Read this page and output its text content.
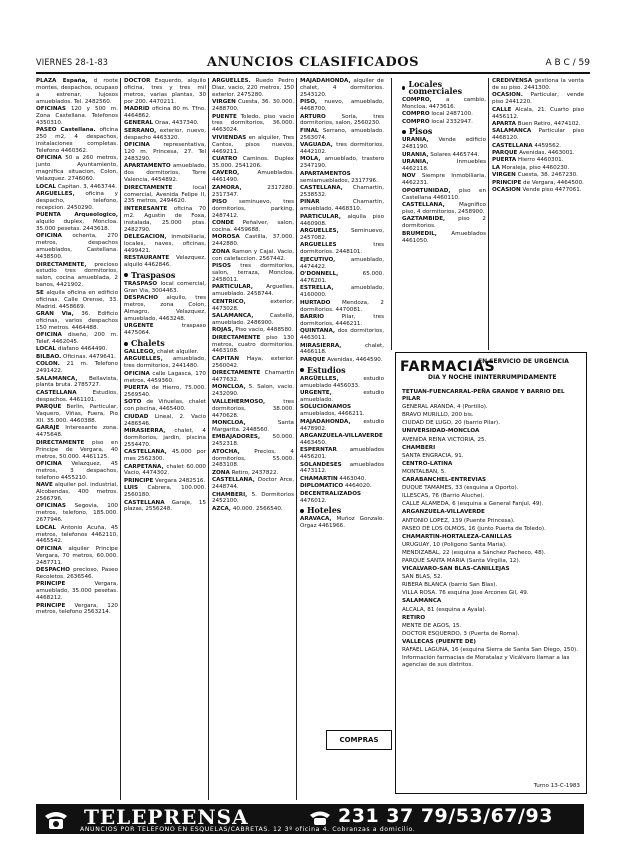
VIERNES 28-1-83	ANUNCIOS CLASIFICADOS	A B C / 59
PLAZA España, d roote montes, despachos, ocupaso a estrenar, lujosos amueblados. Tel. 2482560.
OFICINAS 120 y 500 m. Zona Castellana. Telefonos 4350310.
PASEO Castellana. oficina 250 m2, 4 despachos, instalaciones completas. Telefono 4460362.
OFICINA 50 a 260 metros, junto Ayuntamiento, magnifica situacion, Colon, Velazquez. 2746060.
LOCAL Capitan. 3, 4463744.
ARGUELLES, oficina y despacho, telefono, recepcion. 2450290.
PUENTA Arqueologico, alquilo duplex, Moncloa. 35.000 pesetas. 2443618.
OFICINA ochenta, 270 metros, despachos amueblados, Castellana. 4438500.
DIRECTAMENTE, precioso estudio tres dormitorios, salon, cocina amueblada, 2 banos, 4421902.
SE alquila oficina en edificio oficinas. Calle Orense, 33. Madrid. 4458669.
GRAN Via, 36. Edificio oficinas, varios despachos 150 metros. 4464488.
OFICINA diseño, 200 m. Telef. 4462045.
LOCAL diafano 4464490.
BILBAO. Oficinas. 4479641.
COLON. 21 m. Telefono 2491422.
SALAMANCA, Bellavista, planta bruta. 2785727.
CASTELLANA Estudios, despachos. 4461101.
PARQUE Berlín, Particular, Vaquero, Viñas, Fuera, Pio XII. 35.000. 4460388.
GARAJE Interesante zona. 4475648.
DIRECTAMENTE piso en Principe de Vergara, 40 metros, 50.000. 4461125.
OFICINA Velazquez, 45 metros, 3 despachos, telefono 4455210.
NAVE alquiler pol. industrial, Alcobendas, 400 metros. 2566796.
OFICINAS Segovia, 100 metros, telefono, 185.000. 2677946.
LOCAL Antonio Acuña, 45 metros, telefonos 4462110, 4465542.
OFICINA alquiler Principe Vergara, 70 metros, 60.000. 2487711.
DESPACHO precioso, Paseo Recoletos. 2636546.
PRINCIPE Vergara, amueblado, 35.000 pesetas. 4468212.
PRINCIPE Vergara, 120 metros, telefono 2563214.
DOCTOR Esquerdo, alquilo oficina, tres y tres mil metros, varias plantas, 30 por 200. 4470211.
MADRID oficina 80 m. Tfno. 4464862.
GENERAL Oraa, 4437340.
SERRANO, exterior, nuevo, despacho 4463320.
OFICINA representativa, 120 m. Princesa, 27. Tel 2483290.
APARTAMENTO amueblado, dos dormitorios, Torre Valencia, 4454892.
DIRECTAMENTE local comercial, Avenida Felipe II, 235 metros, 2494620.
INTERESANTE oficina 70 m2. Agustin de Foxa, instalada, 25.000 ptas. 2482790.
DELEGACION, inmobiliaria, locales, naves, oficinas, 4499421.
RESTAURANTE Velazquez, alquilo 4462846.
Traspasos
TRASPASO local comercial, Gran Via, 3004463.
DESPACHO alquilo, tres metros, zona Colon, Almagro, Velazquez, amueblado, 4463248.
URGENTE traspaso 4475064.
Chalets
GALLEGO, chalet alquiler.
ARGUELLES, amueblado, tres dormitorios, 2441480.
OFICINA calle Lagasca, 170 metros, 4459360.
PUERTA de Hierro, 75.000. 2569540.
SOTO de Viñuelas, chalet con piscina, 4465400.
CIUDAD Lineal, 2. Vacio 2486546.
MIRASIERRA, chalet, 4 dormitorios, jardin, piscina 2554470.
CASTELLANA, 45.000 por mes 2562300.
CARPETANA, chalet 60.000 Vacio, 4474302.
PRINCIPE Vergara 2482516.
LUIS Cabrera, 100.000. 2560180.
CASTELLANA Garaje, 15 plazas, 2556248.
ARGUELLES. Ruedo Pedro Diaz, vacio, 220 metros, 150 exterior. 2475280.
VIRGEN Cuesta, 36. 30.000. 2488700.
PUENTE Toledo, piso vacio tres dormitorios, 36.000. 4463024.
VIVIENDAS en alquiler, Tres Cantos, pisos nuevos, 4469211.
CUATRO Caminos. Duplex 35.000. 2541206.
CAVERO, Amueblados. 4461490.
ZAMORA, 2317280. 2317347.
PISO seminuevo, tres dormitorios, parking, 2487412.
CONDE Peñalver, salon, cocina. 4459688.
MOROSA Castilla, 37.000. 2442880.
ZONA Ramon y Cajal. Vacio, con calefaccion. 2567442.
PISOS tres dormitorios, salon, terraza, Moncloa, 2458011.
PARTICULAR, Arguelles, amueblado. 2458744.
CENTRICO, exterior, 4473028.
SALAMANCA, Castelló, amueblado. 2486900.
ROJAS, Piso vacio, 4488580.
DIRECTAMENTE piso 130 metros, cuatro dormitorios. 4463108.
CAPITAN Haya, exterior. 2560042.
DIRECTAMENTE Chamartin 4477632.
MONCLOA, 5. Salon, vacio. 2432090.
VALLEHERMOSO, tres dormitorios, 38.000. 4470628.
MONCLOA, Santa Margarita. 2448560.
EMBAJADORES, 50.000. 2452318.
ATOCHA, Precios, 4 dormitorios, 55.000. 2483108.
ZONA Retiro, 2437822.
CASTELLANA, Doctor Arce, 2448744.
CHAMBERI, 5. Dormitorios 2452100.
AZCA, 40.000. 2566540.
MAJADAHONDA, alquiler de chalet, 4 dormitorios. 2543120.
PISO, nuevo, amueblado, 4468700.
ARTURO Soria, tres dormitorios, salon, 2560230.
FINAL Serrano, amueblado. 2563074.
VAGUADA, tres dormitorios, 4442102.
MOLA, amueblado, trastero 2347190.
APARTAMENTOS semiamueblados, 2317796.
CASTELLANA, Chamartin, 2538532.
PINAR Chamartin, amueblado, 4468310.
PARTICULAR, alquila piso 4460908.
ARGUELLES, Seminuevo, 2457082.
ARGUELLES tres dormitorios. 2448101.
EJECUTIVO, amueblado, 4474422.
O'DONNELL, 65.000. 4476201.
ESTRELLA, amueblado, 4160000.
HURTADO Mendoza, 2 dormitorios. 4470081.
BARRIO Pilar, tres dormitorios, 4446211.
QUINTANA, dos dormitorios, 4463011.
MIRASIERRA, chalet, 4466118.
PARQUE Avenidas, 4464590.
Estudios
ARGÜELLES, estudio amueblado 4456033.
URGENTE, estudio amueblado.
SOLUCIONAMOS amueblados, 4466211.
MAJADAHONDA, estudio 4478902.
ARGANZUELA-VILLAVERDE 4463450.
ESPERNTAR amueblados 4456201.
SOLANDESES amueblados 4473112.
CHAMARTIN 4463040.
DIPLOMATICO 4464020.
DECENTRALIZADOS 4476012.
Hoteles
ARAVACA, Muñoz Gonzalo. Orgaz 4461966.
Locales comerciales
COMPRO, a cambio, Moncloa, 4473616.
COMPRO local 2487100.
COMPRO local 2332947.
Pisos
URANIA, Vende edificio 2481190.
URANIA, Solares 4465744.
URANIA, Inmuebles 4462118.
NOV Siempre Inmobiliaria, 4462231.
OPORTUNIDAD, piso en Castellana 4460110.
CASTELLANA, Magnifico piso, 4 dormitorios, 2458900.
GAZTAMBIDE, piso 2 dormitorios.
BRUMEDIL, Amueblados 4461050.
CREDIVENSA gestiona la venta de su piso. 2441300.
OCASION. Particular, vende piso 2441220.
CALLE Alcala, 21. Cuarto piso 4456112.
APARTA Buen Retiro, 4474102.
SALAMANCA Particular piso 4468120.
CASTELLANA 4459562.
PARQUE Avenidas, 4463001.
PUERTA Hierro 4460301.
LA Moraleja, piso 4460230.
VIRGEN Cuesta, 38. 2467230.
PRINCIPE de Vergara, 4464500.
OCASION Vende piso 4477061.
FARMACIAS
EN SERVICIO DE URGENCIA
DIA Y NOCHE ININTERRUMPIDAMENTE

TETUAN-FUENCARRAL-PEÑA GRANDE Y BARRIO DEL PILAR

GENERAL ARANDA, 4 (Portillo).

BRAVO MURILLO, 200 bis.

CIUDAD DE LUGO, 20 (barrio Pilar).

UNIVERSIDAD-MONCLOA

AVENIDA REINA VICTORIA, 25.

CHAMBERI

SANTA ENGRACIA, 91.

CENTRO-LATINA

MONTALBAN, 5.

CARABANCHEL-ENTREVIAS

DUQUE TAMAMES, 33 (esquina a Oporto).

ILLESCAS, 76 (Barrio Aluche).

CALLE ALAMEDA, 6 (esquina a General Fanjul, 49).

ARGANZUELA-VILLAVERDE

ANTONIO LOPEZ, 139 (Puente Princesa).

PASEO DE LOS OLMOS, 16 (junto Puerta de Toledo).

CHAMARTIN-HORTALEZA-CANILLAS

URUGUAY, 10 (Poligono Santa Maria).

MENDIZABAL, 22 (esquina a Sánchez Pacheco, 48).

PARQUE SANTA MARIA (Santa Virgilia, 12).

VICALVARO-SAN BLAS-CANILLEJAS

SAN BLAS, 52.

RIBERA BLANCA (barrio San Blas).

VILLA ROSA. 76 esquina Jose Arcones Gil, 49.

SALAMANCA

ALCALA, 81 (esquina a Ayala).

RETIRO

MENTE DE AGOS, 15.

DOCTOR ESQUERDO, 3 (Puerta de Roma).

VALLECAS (PUENTE DE)

RAFAEL LAGUNA, 16 (esquina Sierra de Santa San Diego, 150).

Información farmacias de Moratalaz y Vicálvaro llamar a las agencias de sus distritos.

Turno 13-C-1983
COMPRAS
TELEPRENSA	231 37 79/53/67/93
ANUNCIOS POR TELEFONO EN ESQUELAS/CABRETAS. 12 3º oficina 4. Cobranzas a domicilio.
